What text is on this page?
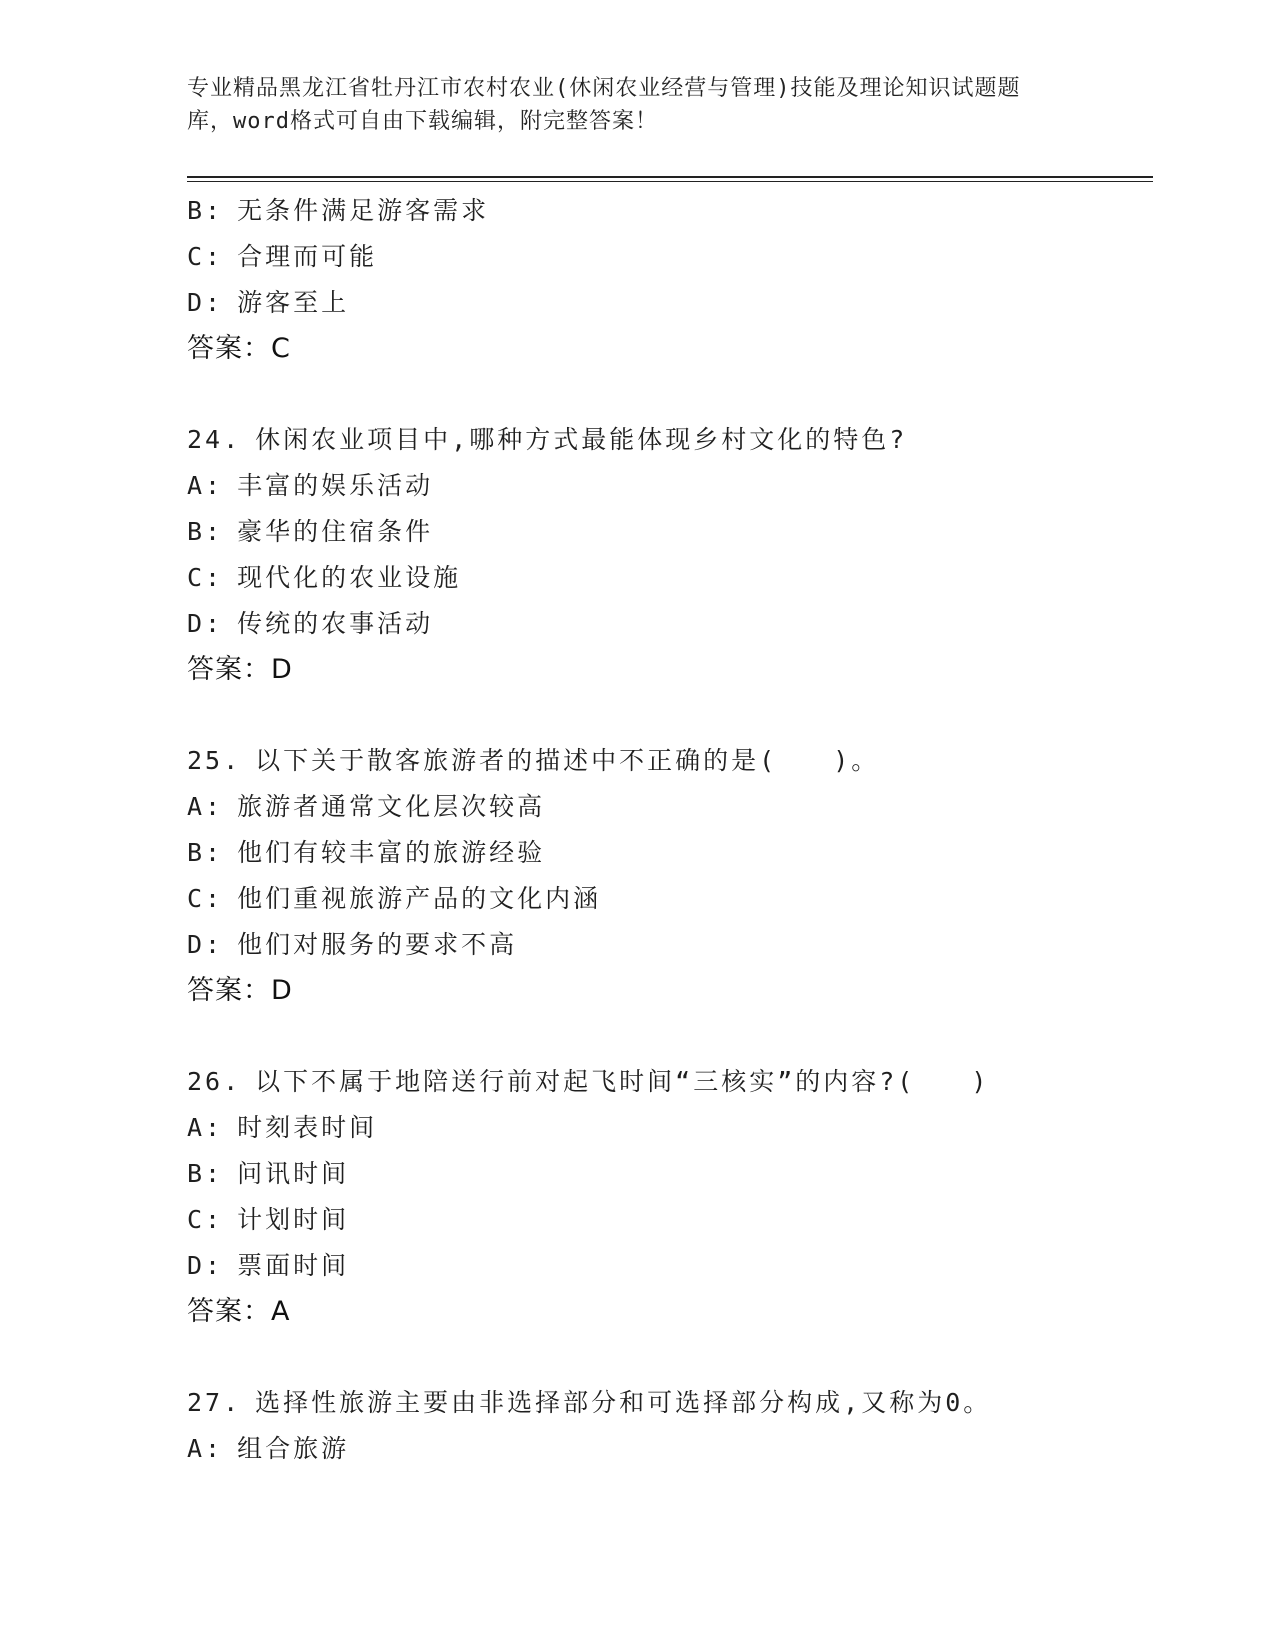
专业精品黑龙江省牡丹江市农村农业(休闲农业经营与管理)技能及理论知识试题题
库，word格式可自由下载编辑，附完整答案！
B: 无条件满足游客需求
C: 合理而可能
D: 游客至上
答案：C
24. 休闲农业项目中,哪种方式最能体现乡村文化的特色?
A: 丰富的娱乐活动
B: 豪华的住宿条件
C: 现代化的农业设施
D: 传统的农事活动
答案：D
25. 以下关于散客旅游者的描述中不正确的是(　　)。
A: 旅游者通常文化层次较高
B: 他们有较丰富的旅游经验
C: 他们重视旅游产品的文化内涵
D: 他们对服务的要求不高
答案：D
26. 以下不属于地陪送行前对起飞时间“三核实”的内容?(　　)
A: 时刻表时间
B: 问讯时间
C: 计划时间
D: 票面时间
答案：A
27. 选择性旅游主要由非选择部分和可选择部分构成,又称为0。
A: 组合旅游
